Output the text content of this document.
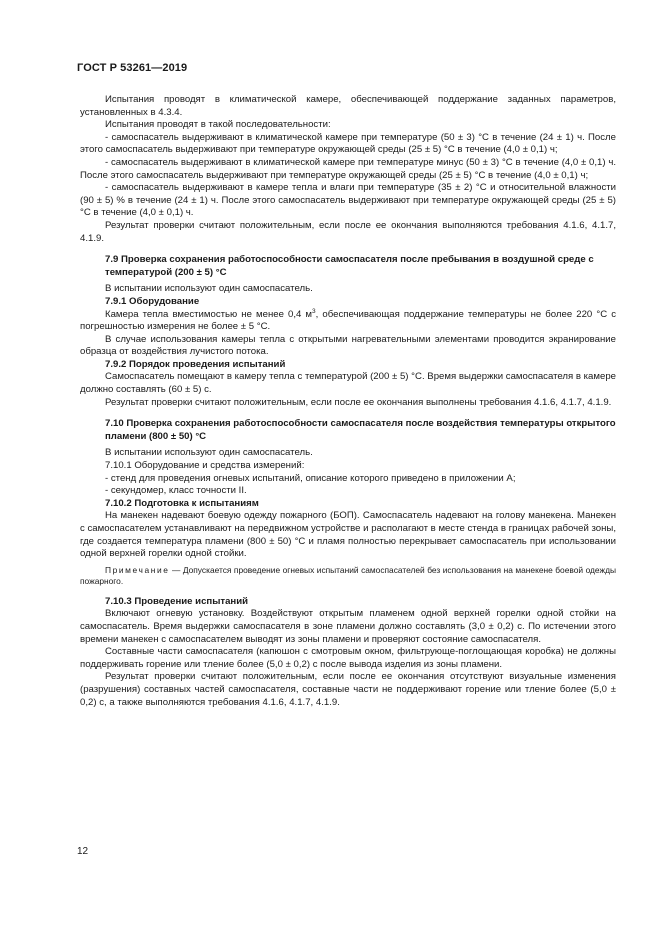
ГОСТ Р 53261—2019

Испытания проводят в климатической камере, обеспечивающей поддержание заданных параметров, установленных в 4.3.4.

Испытания проводят в такой последовательности:

- самоспасатель выдерживают в климатической камере при температуре (50 ± 3) °С в течение (24 ± 1) ч. После этого самоспасатель выдерживают при температуре окружающей среды (25 ± 5) °С в течение (4,0 ± 0,1) ч;

- самоспасатель выдерживают в климатической камере при температуре минус (50 ± 3) °С в течение (4,0 ± 0,1) ч. После этого самоспасатель выдерживают при температуре окружающей среды (25 ± 5) °С в течение (4,0 ± 0,1) ч;

- самоспасатель выдерживают в камере тепла и влаги при температуре (35 ± 2) °С и относительной влажности (90 ± 5) % в течение (24 ± 1) ч. После этого самоспасатель выдерживают при температуре окружающей среды (25 ± 5) °С в течение (4,0 ± 0,1) ч.

Результат проверки считают положительным, если после ее окончания выполняются требования 4.1.6, 4.1.7, 4.1.9.

7.9 Проверка сохранения работоспособности самоспасателя после пребывания в воздушной среде с температурой (200 ± 5) °С

В испытании используют один самоспасатель.

7.9.1 Оборудование

Камера тепла вместимостью не менее 0,4 $м^3$, обеспечивающая поддержание температуры не более 220 °С с погрешностью измерения не более ± 5 °С.

В случае использования камеры тепла с открытыми нагревательными элементами проводится экранирование образца от воздействия лучистого потока.

7.9.2 Порядок проведения испытаний

Самоспасатель помещают в камеру тепла с температурой (200 ± 5) °С. Время выдержки самоспасателя в камере должно составлять (60 ± 5) с.

Результат проверки считают положительным, если после ее окончания выполнены требования 4.1.6, 4.1.7, 4.1.9.

7.10 Проверка сохранения работоспособности самоспасателя после воздействия температуры открытого пламени (800 ± 50) °С

В испытании используют один самоспасатель.

7.10.1 Оборудование и средства измерений:

- стенд для проведения огневых испытаний, описание которого приведено в приложении А;

- секундомер, класс точности II.

7.10.2 Подготовка к испытаниям

На манекен надевают боевую одежду пожарного (БОП). Самоспасатель надевают на голову манекена. Манекен с самоспасателем устанавливают на передвижном устройстве и располагают в месте стенда в границах рабочей зоны, где создается температура пламени (800 ± 50) °С и пламя полностью перекрывает самоспасатель при использовании одной верхней горелки одной стойки.

Примечание — Допускается проведение огневых испытаний самоспасателей без использования на манекене боевой одежды пожарного.

7.10.3 Проведение испытаний

Включают огневую установку. Воздействуют открытым пламенем одной верхней горелки одной стойки на самоспасатель. Время выдержки самоспасателя в зоне пламени должно составлять (3,0 ± 0,2) с. По истечении этого времени манекен с самоспасателем выводят из зоны пламени и проверяют состояние самоспасателя.

Составные части самоспасателя (капюшон с смотровым окном, фильтрующе-поглощающая коробка) не должны поддерживать горение или тление более (5,0 ± 0,2) с после вывода изделия из зоны пламени.

Результат проверки считают положительным, если после ее окончания отсутствуют визуальные изменения (разрушения) составных частей самоспасателя, составные части не поддерживают горение или тление более (5,0 ± 0,2) с, а также выполняются требования 4.1.6, 4.1.7, 4.1.9.

12
